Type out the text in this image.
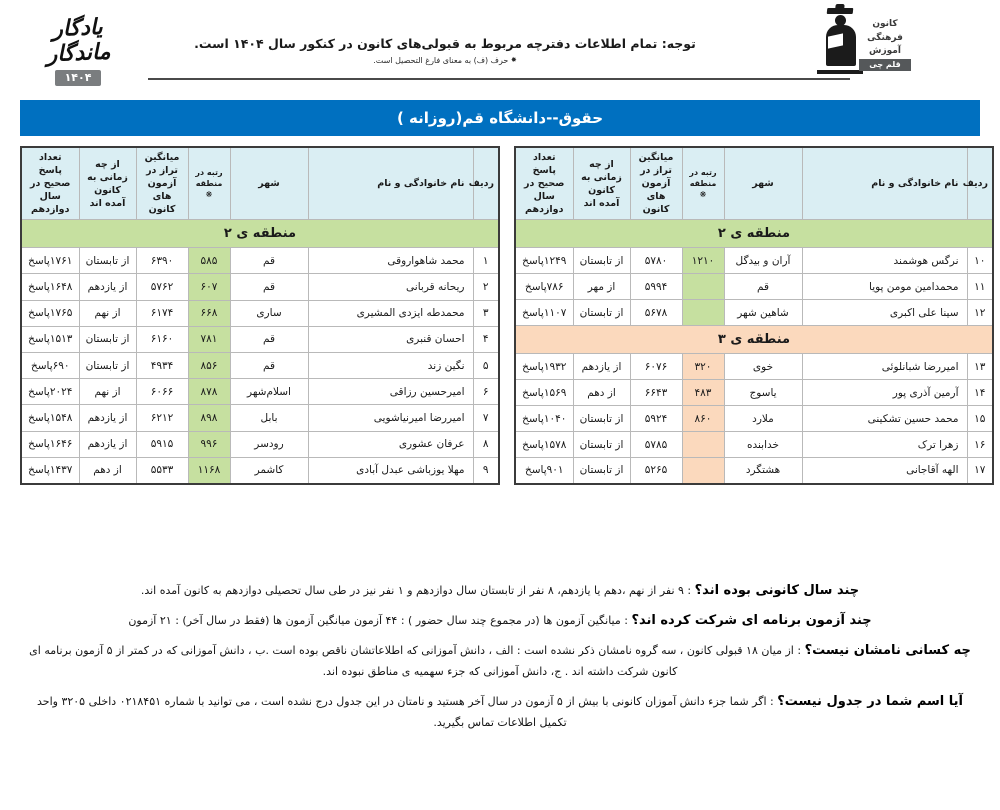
کانون
فرهنگی
آموزش
قلم چی
توجه: تمام اطلاعات دفترچه مربوط به قبولی‌های کانون در کنکور سال ۱۴۰۴ است.
✸ حرف (ف) به معنای فارغ التحصیل است.
یادگار ماندگار
۱۴۰۴
حقوق--دانشگاه قم(روزانه )
ردیف	نام خانوادگی و نام	شهر	رتبه در منطقه ❋	میانگین تراز در آزمون های کانون	از چه زمانی به کانون آمده اند	تعداد پاسخ صحیح در سال دوازدهم
منطقه ی ۲						
۱	محمد شاهواروقی	قم	۵۸۵	۶۳۹۰	از تابستان	۱۷۶۱پاسخ
۲	ریحانه قربانی	قم	۶۰۷	۵۷۶۲	از یازدهم	۱۶۴۸پاسخ
۳	محمدطه ایزدی المشیری	ساری	۶۶۸	۶۱۷۴	از نهم	۱۷۶۵پاسخ
۴	احسان قنبری	قم	۷۸۱	۶۱۶۰	از تابستان	۱۵۱۳پاسخ
۵	نگین زند	قم	۸۵۶	۴۹۳۴	از تابستان	۶۹۰پاسخ
۶	امیرحسین رزاقی	اسلام‌شهر	۸۷۸	۶۰۶۶	از نهم	۲۰۲۴پاسخ
۷	امیررضا امیرنیاشویی	بابل	۸۹۸	۶۲۱۲	از یازدهم	۱۵۴۸پاسخ
۸	عرفان عشوری	رودسر	۹۹۶	۵۹۱۵	از یازدهم	۱۶۴۶پاسخ
۹	مهلا یوزباشی عبدل آبادی	کاشمر	۱۱۶۸	۵۵۳۳	از دهم	۱۴۳۷پاسخ
ردیف	نام خانوادگی و نام	شهر	رتبه در منطقه ❋	میانگین تراز در آزمون های کانون	از چه زمانی به کانون آمده اند	تعداد پاسخ صحیح در سال دوازدهم
منطقه ی ۲						
۱۰	نرگس هوشمند	آران و بیدگل	۱۲۱۰	۵۷۸۰	از تابستان	۱۲۴۹پاسخ
۱۱	محمدامین مومن پویا	قم		۵۹۹۴	از مهر	۷۸۶پاسخ
۱۲	سینا علی اکبری	شاهین شهر		۵۶۷۸	از تابستان	۱۱۰۷پاسخ
منطقه ی ۳						
۱۳	امیررضا شبانلوئی	خوی	۳۲۰	۶۰۷۶	از یازدهم	۱۹۳۲پاسخ
۱۴	آرمین آذری پور	یاسوج	۴۸۳	۶۶۴۳	از دهم	۱۵۶۹پاسخ
۱۵	محمد حسین تشکینی	ملارد	۸۶۰	۵۹۲۴	از تابستان	۱۰۴۰پاسخ
۱۶	زهرا ترک	خدابنده		۵۷۸۵	از تابستان	۱۵۷۸پاسخ
۱۷	الهه آقاجانی	هشتگرد		۵۲۶۵	از تابستان	۹۰۱پاسخ
چند سال کانونی بوده اند؟ : ۹ نفر از نهم ،دهم یا یازدهم، ۸ نفر از تابستان سال دوازدهم و ۱ نفر نیز در طی سال تحصیلی دوازدهم به کانون آمده اند.
چند آزمون برنامه ای شرکت کرده اند؟ : میانگین آزمون ها (در مجموع چند سال حضور ) : ۴۴ آزمون میانگین آزمون ها (فقط در سال آخر) : ۲۱ آزمون
چه کسانی نامشان نیست؟ : از میان ۱۸ قبولی کانون ، سه گروه نامشان ذکر نشده است : الف ، دانش آموزانی که اطلاعاتشان ناقص بوده است .ب ، دانش آموزانی که در کمتر از ۵ آزمون برنامه ای
کانون شرکت داشته اند . ج، دانش آموزانی که جزء سهمیه ی مناطق نبوده اند.
آیا اسم شما در جدول نیست؟ : اگر شما جزء دانش آموزان کانونی با بیش از ۵ آزمون در سال آخر هستید و نامتان در این جدول درج نشده است ، می توانید با شماره ۰۲۱۸۴۵۱ داخلی ۳۲۰۵ واحد
تکمیل اطلاعات تماس بگیرید.
